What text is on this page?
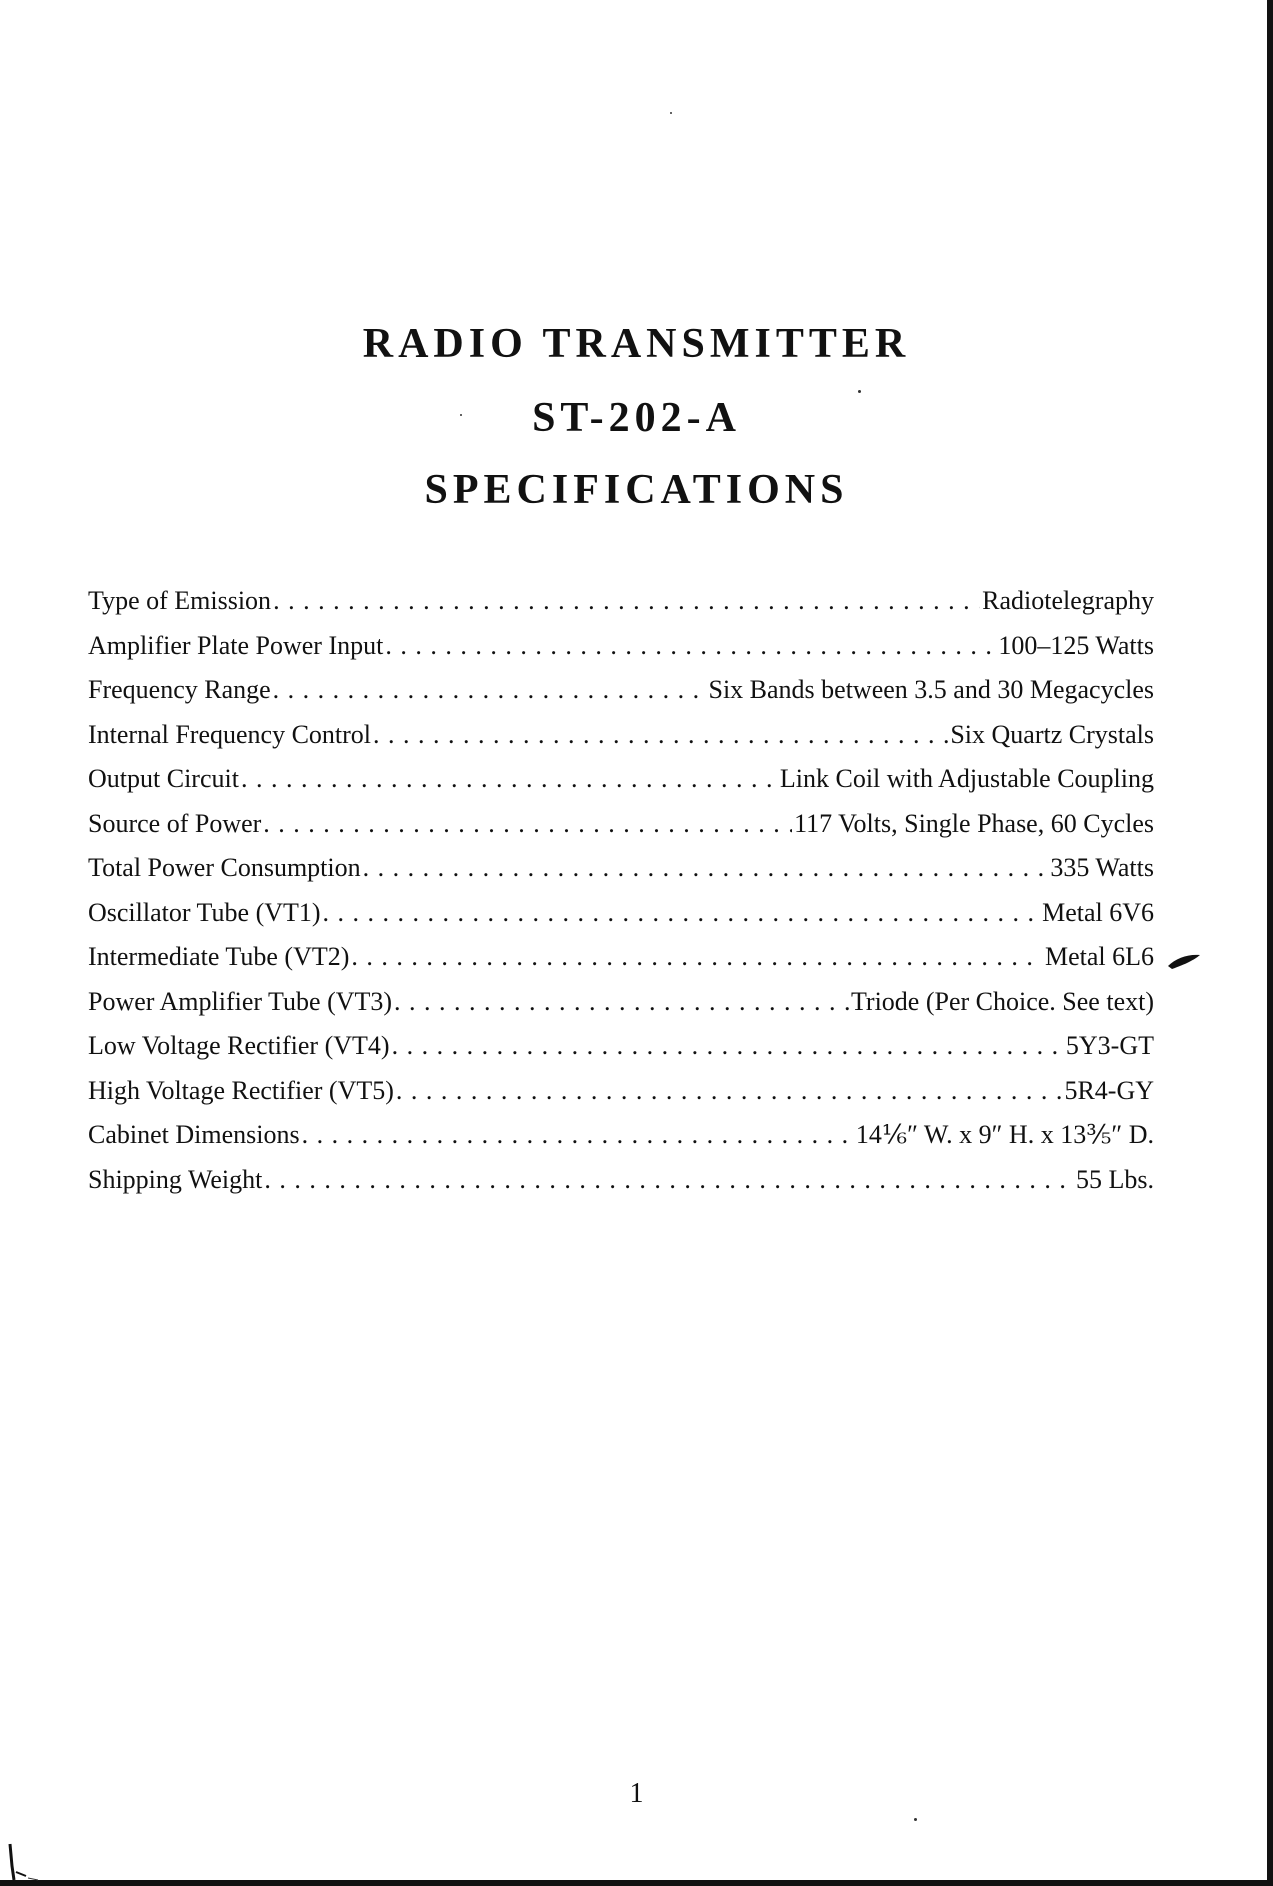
RADIO TRANSMITTER
ST-202-A
SPECIFICATIONS
Type of Emission . . .	Radiotelegraphy
Amplifier Plate Power Input . . .	100–125 Watts
Frequency Range . . .	Six Bands between 3.5 and 30 Megacycles
Internal Frequency Control . . .	Six Quartz Crystals
Output Circuit . . .	Link Coil with Adjustable Coupling
Source of Power . . .	117 Volts, Single Phase, 60 Cycles
Total Power Consumption . . .	335 Watts
Oscillator Tube (VT1) . . .	Metal 6V6
Intermediate Tube (VT2) . . .	Metal 6L6
Power Amplifier Tube (VT3) . . .	Triode (Per Choice. See text)
Low Voltage Rectifier (VT4) . . .	5Y3-GT
High Voltage Rectifier (VT5) . . .	5R4-GY
Cabinet Dimensions . . .	14⅙″ W. x 9″ H. x 13⅗″ D.
Shipping Weight . . .	55 Lbs.
1
